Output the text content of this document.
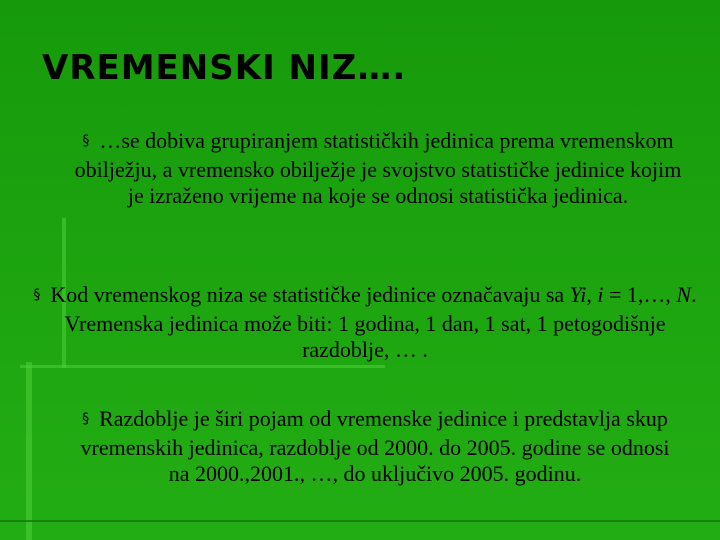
VREMENSKI NIZ….
§ …se dobiva grupiranjem statističkih jedinica prema vremenskom obilježju, a vremensko obilježje je svojstvo statističke jedinice kojim je izraženo vrijeme na koje se odnosi statistička jedinica.
§ Kod vremenskog niza se statističke jedinice označavaju sa Yi, i = 1,…, N. Vremenska jedinica može biti: 1 godina, 1 dan, 1 sat, 1 petogodišnje razdoblje, … .
§ Razdoblje je širi pojam od vremenske jedinice i predstavlja skup vremenskih jedinica, razdoblje od 2000. do 2005. godine se odnosi na 2000.,2001., …, do uključivo 2005. godinu.
